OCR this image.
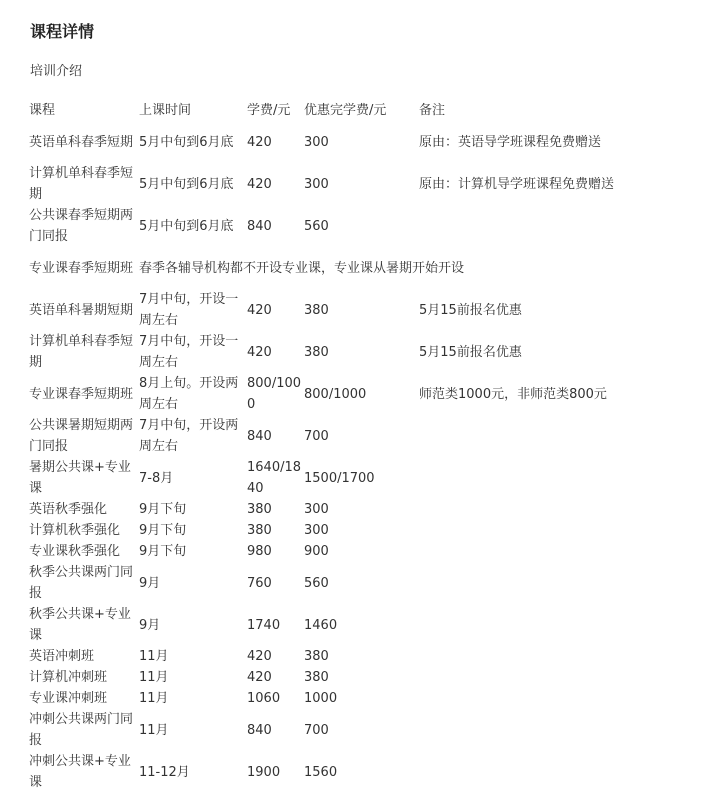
课程详情
培训介绍
课程	上课时间	学费/元	优惠完学费/元	备注
英语单科春季短期	5月中旬到6月底	420	300	原由：英语导学班课程免费赠送
计算机单科春季短期	5月中旬到6月底	420	300	原由：计算机导学班课程免费赠送
公共课春季短期两门同报	5月中旬到6月底	840	560	
专业课春季短期班	春季各辅导机构都不开设专业课，专业课从暑期开始开设			
英语单科暑期短期	7月中旬，开设一周左右	420	380	5月15前报名优惠
计算机单科春季短期	7月中旬，开设一周左右	420	380	5月15前报名优惠
专业课春季短期班	8月上旬。开设两周左右	800/1000	800/1000	师范类1000元，非师范类800元
公共课暑期短期两门同报	7月中旬，开设两周左右	840	700	
暑期公共课+专业课	7-8月	1640/1840	1500/1700	
英语秋季强化	9月下旬	380	300	
计算机秋季强化	9月下旬	380	300	
专业课秋季强化	9月下旬	980	900	
秋季公共课两门同报	9月	760	560	
秋季公共课+专业课	9月	1740	1460	
英语冲刺班	11月	420	380	
计算机冲刺班	11月	420	380	
专业课冲刺班	11月	1060	1000	
冲刺公共课两门同报	11月	840	700	
冲刺公共课+专业课	11-12月	1900	1560	
